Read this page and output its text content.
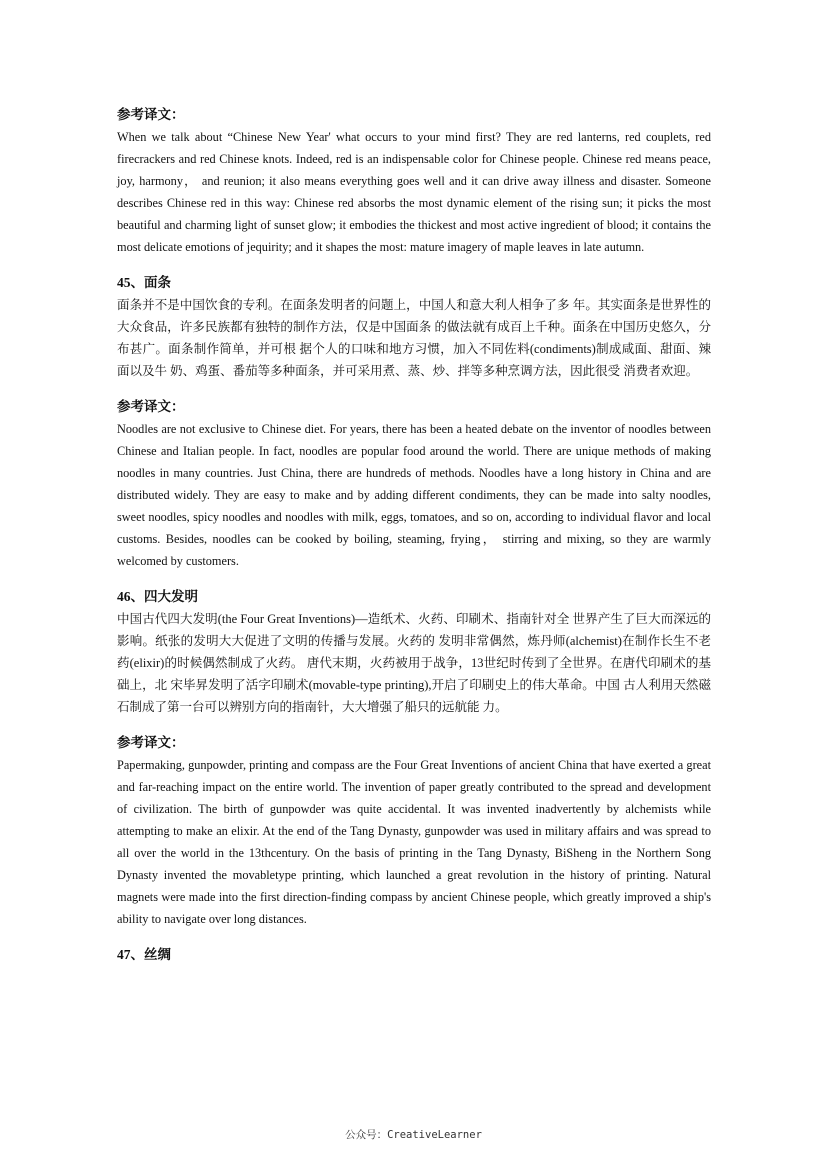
参考译文：

When we talk about “Chinese New Year' what occurs to your mind first? They are red lanterns, red couplets, red firecrackers and red Chinese knots. Indeed, red is an indispensable color for Chinese people. Chinese red means peace, joy, harmony， and reunion; it also means everything goes well and it can drive away illness and disaster. Someone describes Chinese red in this way: Chinese red absorbs the most dynamic element of the rising sun; it picks the most beautiful and charming light of sunset glow; it embodies the thickest and most active ingredient of blood; it contains the most delicate emotions of jequirity; and it shapes the most: mature imagery of maple leaves in late autumn.

45、面条

面条并不是中国饮食的专利。在面条发明者的问题上，中国人和意大利人相争了多 年。其实面条是世界性的大众食品，许多民族都有独特的制作方法，仅是中国面条 的做法就有成百上千种。面条在中国历史悠久，分布甚广。面条制作简单，并可根 据个人的口味和地方习惯，加入不同佐料(condiments)制成咸面、甜面、辣面以及牛 奶、鸡蛋、番茄等多种面条，并可采用煮、蒸、炒、拌等多种烹调方法，因此很受 消费者欢迎。

参考译文：

Noodles are not exclusive to Chinese diet. For years, there has been a heated debate on the inventor of noodles between Chinese and Italian people. In fact, noodles are popular food around the world. There are unique methods of making noodles in many countries. Just China, there are hundreds of methods. Noodles have a long history in China and are distributed widely. They are easy to make and by adding different condiments, they can be made into salty noodles, sweet noodles, spicy noodles and noodles with milk, eggs, tomatoes, and so on, according to individual flavor and local customs. Besides, noodles can be cooked by boiling, steaming, frying， stirring and mixing, so they are warmly welcomed by customers.

46、四大发明

中国古代四大发明(the Four Great Inventions)—造纸术、火药、印刷术、指南针对全 世界产生了巨大而深远的影响。纸张的发明大大促进了文明的传播与发展。火药的 发明非常偶然，炼丹师(alchemist)在制作长生不老药(elixir)的时候偶然制成了火药。 唐代末期，火药被用于战争，13世纪时传到了全世界。在唐代印刷术的基础上，北 宋毕昇发明了活字印刷术(movable-type printing),开启了印刷史上的伟大革命。中国 古人利用天然磁石制成了第一台可以辨别方向的指南针，大大增强了船只的远航能 力。

参考译文：

Papermaking, gunpowder, printing and compass are the Four Great Inventions of ancient China that have exerted a great and far-reaching impact on the entire world. The invention of paper greatly contributed to the spread and development of civilization. The birth of gunpowder was quite accidental. It was invented inadvertently by alchemists while attempting to make an elixir. At the end of the Tang Dynasty, gunpowder was used in military affairs and was spread to all over the world in the 13thcentury. On the basis of printing in the Tang Dynasty, BiSheng in the Northern Song Dynasty invented the movabletype printing, which launched a great revolution in the history of printing. Natural magnets were made into the first direction-finding compass by ancient Chinese people, which greatly improved a ship's ability to navigate over long distances.

47、丝绸
公众号：CreativeLearner
